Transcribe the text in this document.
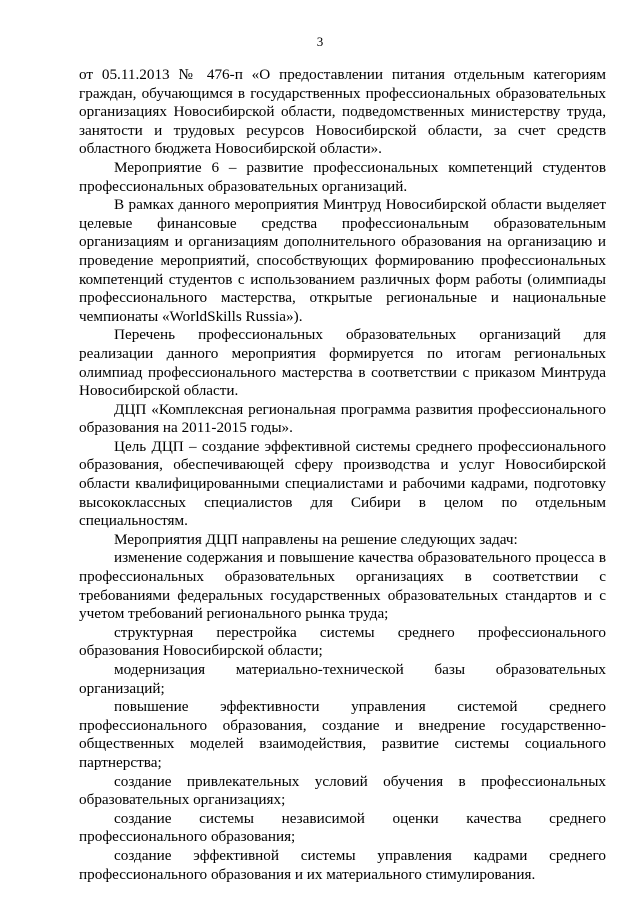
3

от 05.11.2013 № 476-п «О предоставлении питания отдельным категориям граждан, обучающимся в государственных профессиональных образовательных организациях Новосибирской области, подведомственных министерству труда, занятости и трудовых ресурсов Новосибирской области, за счет средств областного бюджета Новосибирской области».

Мероприятие 6 – развитие профессиональных компетенций студентов профессиональных образовательных организаций.

В рамках данного мероприятия Минтруд Новосибирской области выделяет целевые финансовые средства профессиональным образовательным организациям и организациям дополнительного образования на организацию и проведение мероприятий, способствующих формированию профессиональных компетенций студентов с использованием различных форм работы (олимпиады профессионального мастерства, открытые региональные и национальные чемпионаты «WorldSkills Russia»).

Перечень профессиональных образовательных организаций для реализации данного мероприятия формируется по итогам региональных олимпиад профессионального мастерства в соответствии с приказом Минтруда Новосибирской области.

ДЦП «Комплексная региональная программа развития профессионального образования на 2011-2015 годы».

Цель ДЦП – создание эффективной системы среднего профессионального образования, обеспечивающей сферу производства и услуг Новосибирской области квалифицированными специалистами и рабочими кадрами, подготовку высококлассных специалистов для Сибири в целом по отдельным специальностям.

Мероприятия ДЦП направлены на решение следующих задач:

изменение содержания и повышение качества образовательного процесса в профессиональных образовательных организациях в соответствии с требованиями федеральных государственных образовательных стандартов и с учетом требований регионального рынка труда;

структурная перестройка системы среднего профессионального образования Новосибирской области;

модернизация материально-технической базы образовательных организаций;

повышение эффективности управления системой среднего профессионального образования, создание и внедрение государственно-общественных моделей взаимодействия, развитие системы социального партнерства;

создание привлекательных условий обучения в профессиональных образовательных организациях;

создание системы независимой оценки качества среднего профессионального образования;

создание эффективной системы управления кадрами среднего профессионального образования и их материального стимулирования.
